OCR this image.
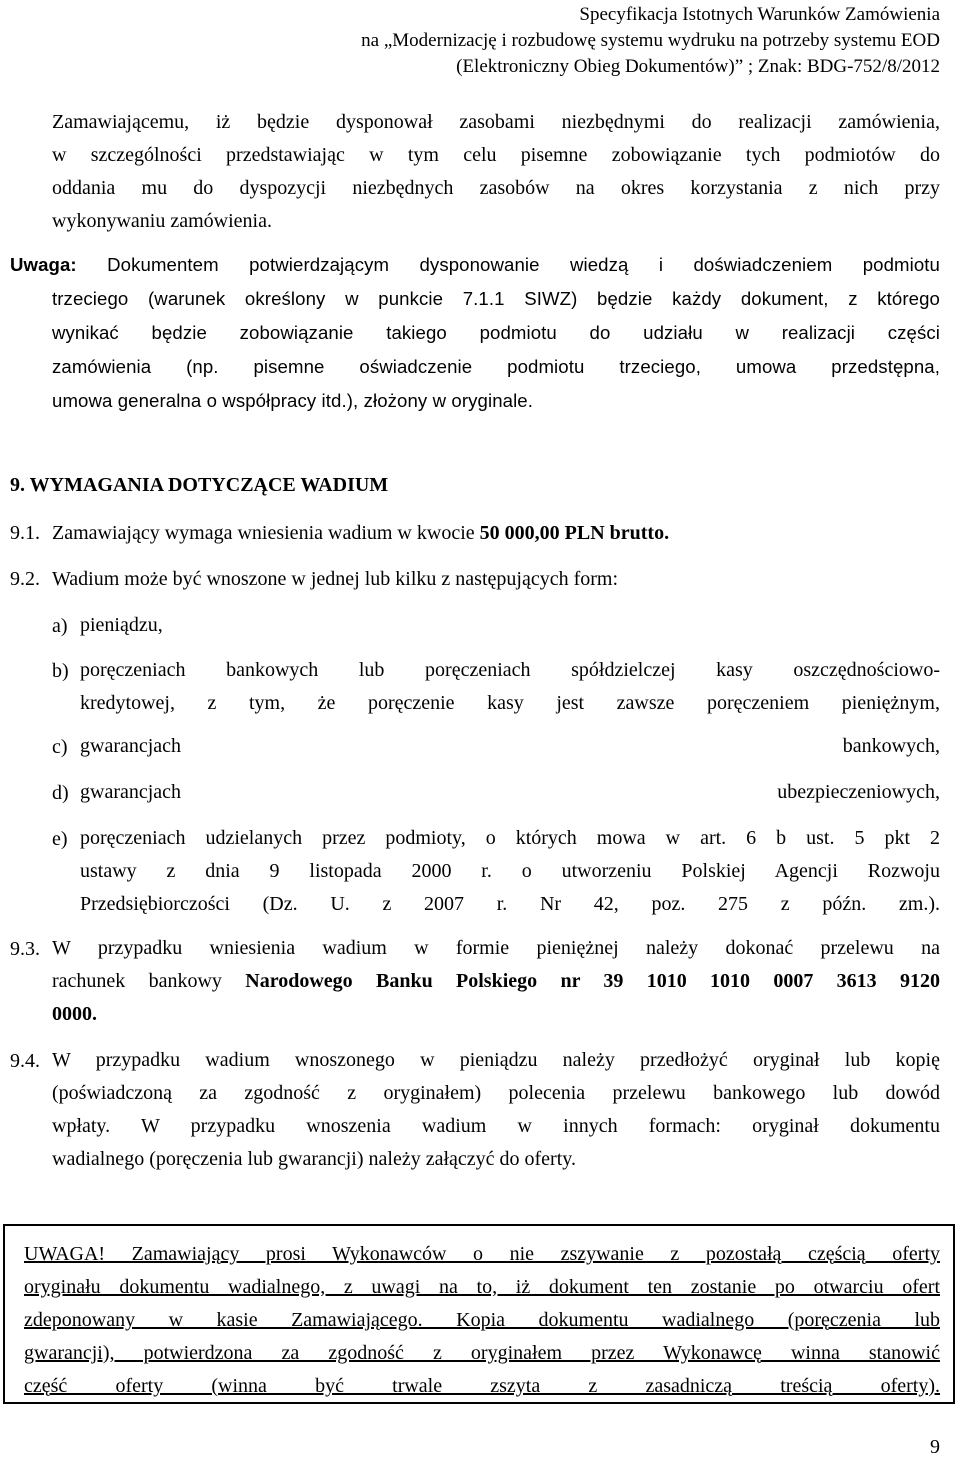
Specyfikacja Istotnych Warunków Zamówienia
na „Modernizację i rozbudowę systemu wydruku na potrzeby systemu EOD
(Elektroniczny Obieg Dokumentów)” ; Znak: BDG-752/8/2012
Zamawiającemu, iż będzie dysponował zasobami niezbędnymi do realizacji zamówienia,
w szczególności przedstawiając w tym celu pisemne zobowiązanie tych podmiotów do
oddania mu do dyspozycji niezbędnych zasobów na okres korzystania z nich przy
wykonywaniu zamówienia.
Uwaga: Dokumentem potwierdzającym dysponowanie wiedzą i doświadczeniem podmiotu
trzeciego (warunek określony w punkcie 7.1.1 SIWZ) będzie każdy dokument, z którego
wynikać będzie zobowiązanie takiego podmiotu do udziału w realizacji części
zamówienia (np. pisemne oświadczenie podmiotu trzeciego, umowa przedstępna,
umowa generalna o współpracy itd.), złożony w oryginale.
9. WYMAGANIA DOTYCZĄCE WADIUM
9.1. Zamawiający wymaga wniesienia wadium w kwocie 50 000,00 PLN brutto.
9.2. Wadium może być wnoszone w jednej lub kilku z następujących form:
a) pieniądzu,
b) poręczeniach bankowych lub poręczeniach spółdzielczej kasy oszczędnościowo-
kredytowej, z tym, że poręczenie kasy jest zawsze poręczeniem pieniężnym,
c) gwarancjach bankowych,
d) gwarancjach ubezpieczeniowych,
e) poręczeniach udzielanych przez podmioty, o których mowa w art. 6 b ust. 5 pkt 2
ustawy z dnia 9 listopada 2000 r. o utworzeniu Polskiej Agencji Rozwoju
Przedsiębiorczości (Dz. U. z 2007 r. Nr 42, poz. 275 z późn. zm.).
9.3. W przypadku wniesienia wadium w formie pieniężnej należy dokonać przelewu na
rachunek bankowy Narodowego Banku Polskiego nr 39 1010 1010 0007 3613 9120
0000.
9.4. W przypadku wadium wnoszonego w pieniądzu należy przedłożyć oryginał lub kopię
(poświadczoną za zgodność z oryginałem) polecenia przelewu bankowego lub dowód
wpłaty. W przypadku wnoszenia wadium w innych formach: oryginał dokumentu
wadialnego (poręczenia lub gwarancji) należy załączyć do oferty.
UWAGA! Zamawiający prosi Wykonawców o nie zszywanie z pozostałą częścią oferty
oryginału dokumentu wadialnego, z uwagi na to, iż dokument ten zostanie po otwarciu ofert
zdeponowany w kasie Zamawiającego. Kopia dokumentu wadialnego (poręczenia lub
gwarancji), potwierdzona za zgodność z oryginałem przez Wykonawcę winna stanowić
część oferty (winna być trwale zszyta z zasadniczą treścią oferty).
9
